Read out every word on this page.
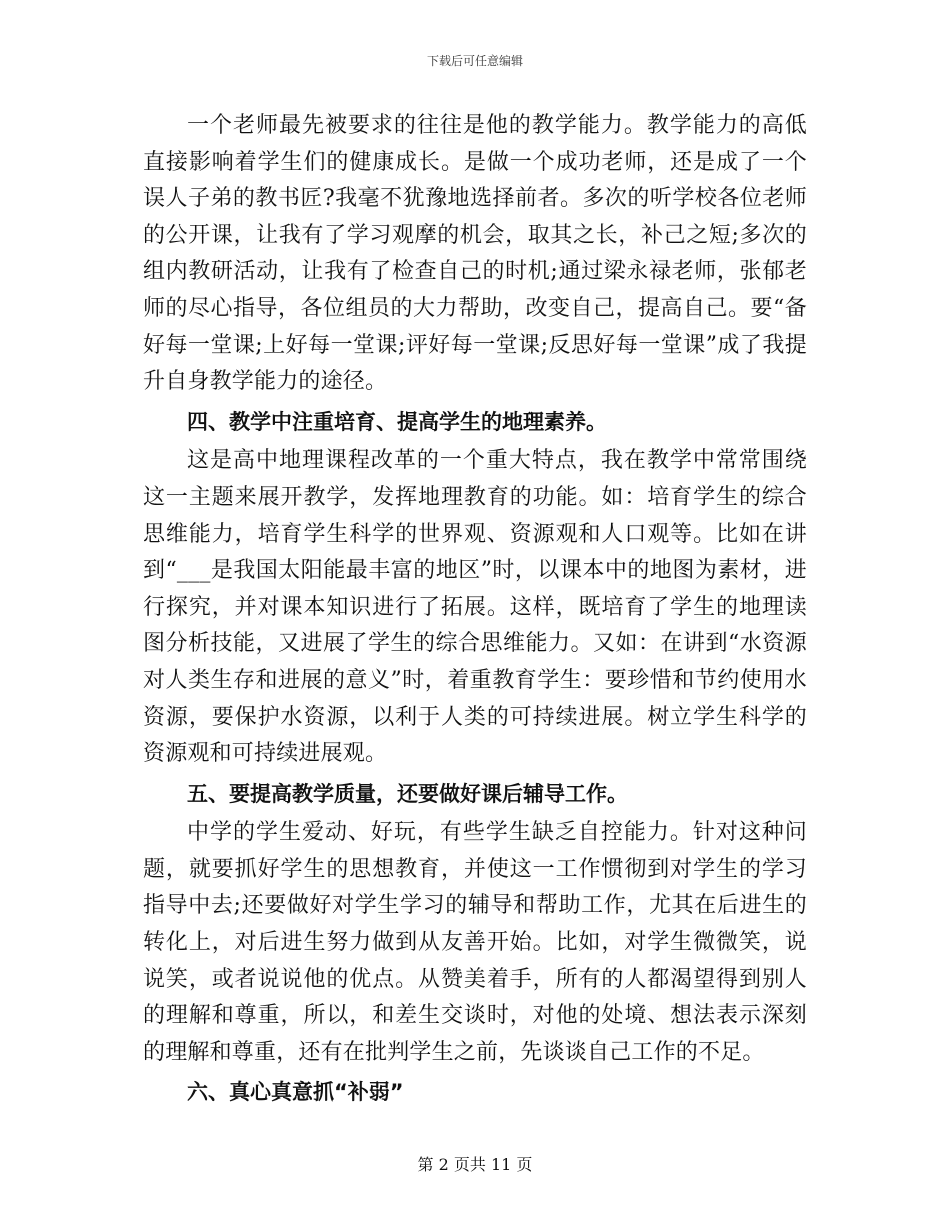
下载后可任意编辑

一个老师最先被要求的往往是他的教学能力。教学能力的高低直接影响着学生们的健康成长。是做一个成功老师，还是成了一个误人子弟的教书匠?我毫不犹豫地选择前者。多次的听学校各位老师的公开课，让我有了学习观摩的机会，取其之长，补己之短;多次的组内教研活动，让我有了检查自己的时机;通过梁永禄老师，张郁老师的尽心指导，各位组员的大力帮助，改变自己，提高自己。要“备好每一堂课;上好每一堂课;评好每一堂课;反思好每一堂课”成了我提升自身教学能力的途径。

四、教学中注重培育、提高学生的地理素养。

这是高中地理课程改革的一个重大特点，我在教学中常常围绕这一主题来展开教学，发挥地理教育的功能。如：培育学生的综合思维能力，培育学生科学的世界观、资源观和人口观等。比如在讲到“___是我国太阳能最丰富的地区”时，以课本中的地图为素材，进行探究，并对课本知识进行了拓展。这样，既培育了学生的地理读图分析技能，又进展了学生的综合思维能力。又如：在讲到“水资源对人类生存和进展的意义”时，着重教育学生：要珍惜和节约使用水资源，要保护水资源，以利于人类的可持续进展。树立学生科学的资源观和可持续进展观。

五、要提高教学质量，还要做好课后辅导工作。

中学的学生爱动、好玩，有些学生缺乏自控能力。针对这种问题，就要抓好学生的思想教育，并使这一工作惯彻到对学生的学习指导中去;还要做好对学生学习的辅导和帮助工作，尤其在后进生的转化上，对后进生努力做到从友善开始。比如，对学生微微笑，说说笑，或者说说他的优点。从赞美着手，所有的人都渴望得到别人的理解和尊重，所以，和差生交谈时，对他的处境、想法表示深刻的理解和尊重，还有在批判学生之前，先谈谈自己工作的不足。

六、真心真意抓“补弱”

第 2 页共 11 页
